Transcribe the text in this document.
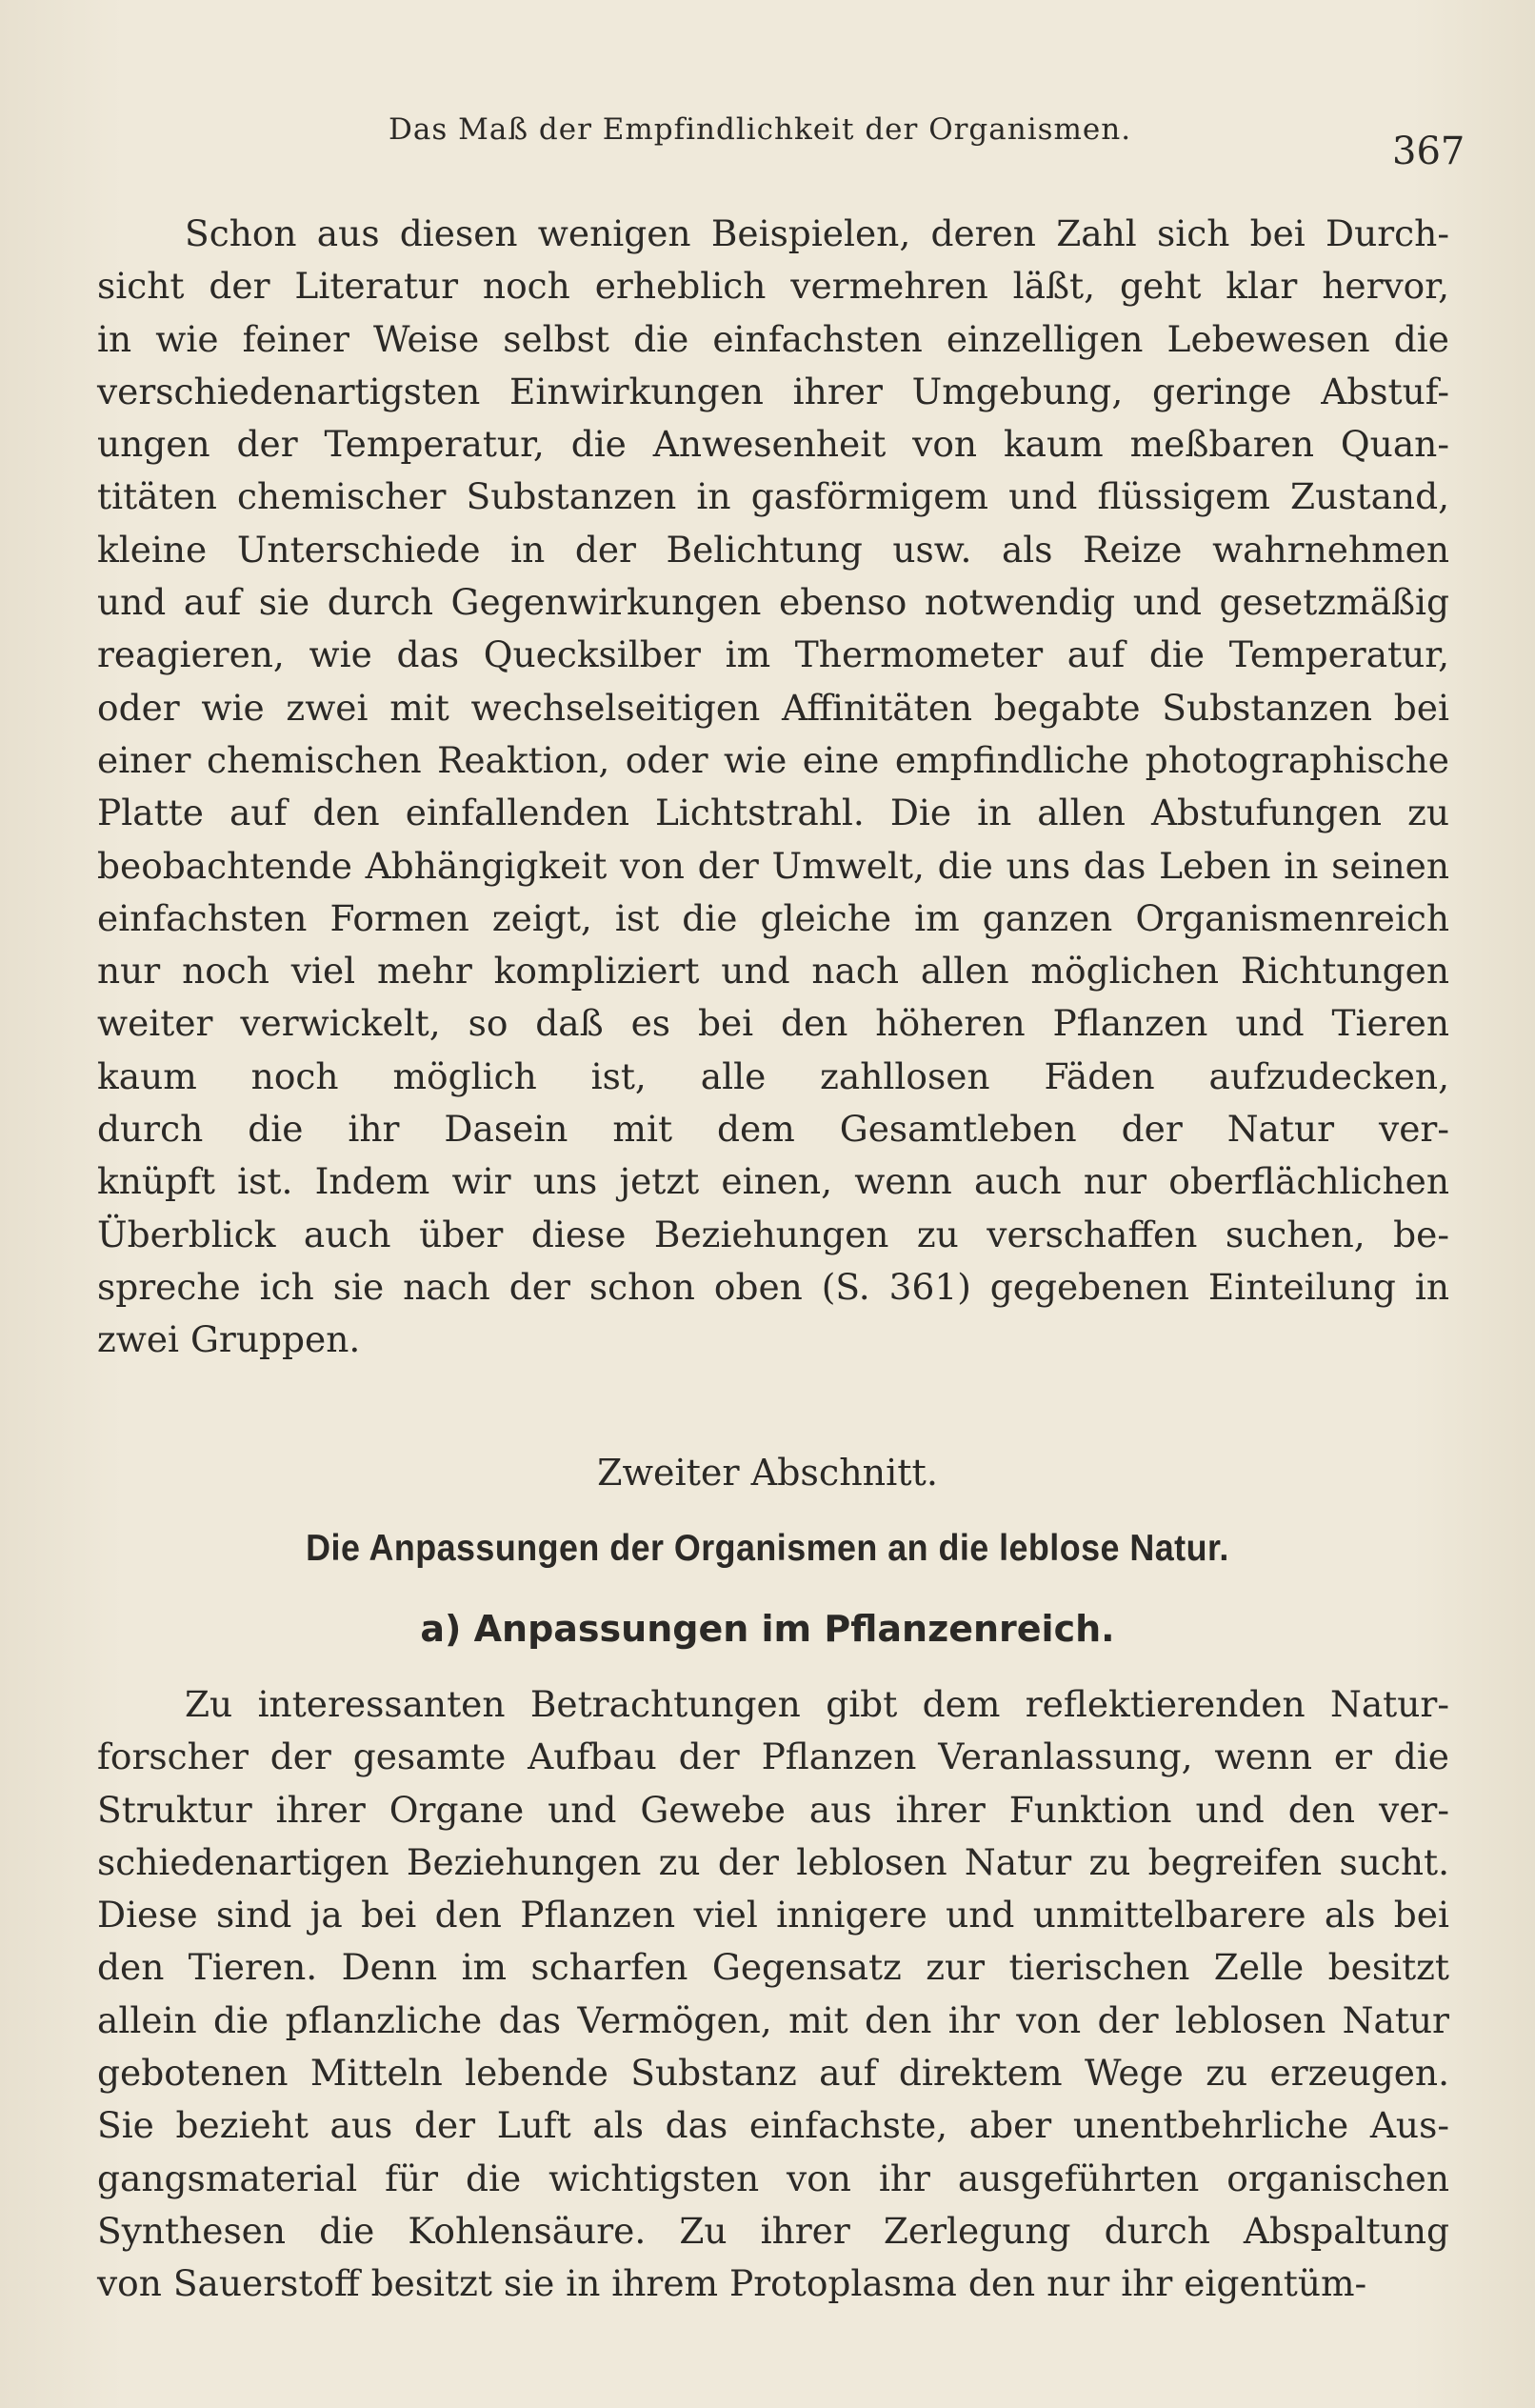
Das Maß der Empfindlichkeit der Organismen.	367
Schon aus diesen wenigen Beispielen, deren Zahl sich bei Durch-
sicht der Literatur noch erheblich vermehren läßt, geht klar hervor,
in wie feiner Weise selbst die einfachsten einzelligen Lebewesen die
verschiedenartigsten Einwirkungen ihrer Umgebung, geringe Abstuf-
ungen der Temperatur, die Anwesenheit von kaum meßbaren Quan-
titäten chemischer Substanzen in gasförmigem und flüssigem Zustand,
kleine Unterschiede in der Belichtung usw. als Reize wahrnehmen
und auf sie durch Gegenwirkungen ebenso notwendig und gesetzmäßig
reagieren, wie das Quecksilber im Thermometer auf die Temperatur,
oder wie zwei mit wechselseitigen Affinitäten begabte Substanzen bei
einer chemischen Reaktion, oder wie eine empfindliche photographische
Platte auf den einfallenden Lichtstrahl. Die in allen Abstufungen zu
beobachtende Abhängigkeit von der Umwelt, die uns das Leben in seinen
einfachsten Formen zeigt, ist die gleiche im ganzen Organismenreich
nur noch viel mehr kompliziert und nach allen möglichen Richtungen
weiter verwickelt, so daß es bei den höheren Pflanzen und Tieren
kaum noch möglich ist, alle zahllosen Fäden aufzudecken,
durch die ihr Dasein mit dem Gesamtleben der Natur ver-
knüpft ist. Indem wir uns jetzt einen, wenn auch nur oberflächlichen
Überblick auch über diese Beziehungen zu verschaffen suchen, be-
spreche ich sie nach der schon oben (S. 361) gegebenen Einteilung in
zwei Gruppen.
Zweiter Abschnitt.
Die Anpassungen der Organismen an die leblose Natur.
a) Anpassungen im Pflanzenreich.
Zu interessanten Betrachtungen gibt dem reflektierenden Natur-
forscher der gesamte Aufbau der Pflanzen Veranlassung, wenn er die
Struktur ihrer Organe und Gewebe aus ihrer Funktion und den ver-
schiedenartigen Beziehungen zu der leblosen Natur zu begreifen sucht.
Diese sind ja bei den Pflanzen viel innigere und unmittelbarere als bei
den Tieren. Denn im scharfen Gegensatz zur tierischen Zelle besitzt
allein die pflanzliche das Vermögen, mit den ihr von der leblosen Natur
gebotenen Mitteln lebende Substanz auf direktem Wege zu erzeugen.
Sie bezieht aus der Luft als das einfachste, aber unentbehrliche Aus-
gangsmaterial für die wichtigsten von ihr ausgeführten organischen
Synthesen die Kohlensäure. Zu ihrer Zerlegung durch Abspaltung
von Sauerstoff besitzt sie in ihrem Protoplasma den nur ihr eigentüm-
